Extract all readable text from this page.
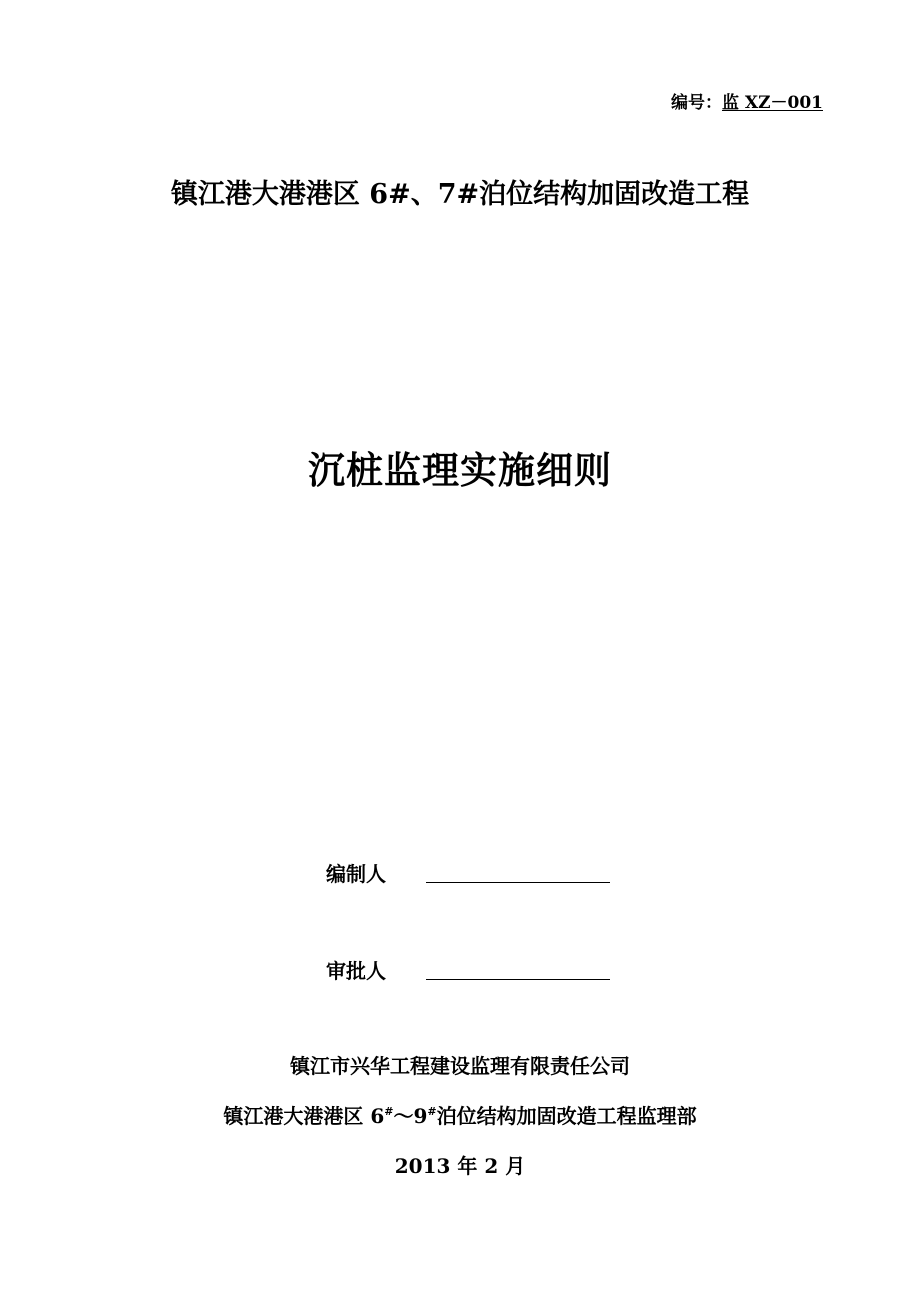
编号：监 XZ－001
镇江港大港港区 6#、7#泊位结构加固改造工程
沉桩监理实施细则
编制人
审批人
镇江市兴华工程建设监理有限责任公司
镇江港大港港区 6#～9#泊位结构加固改造工程监理部
2013 年 2 月
